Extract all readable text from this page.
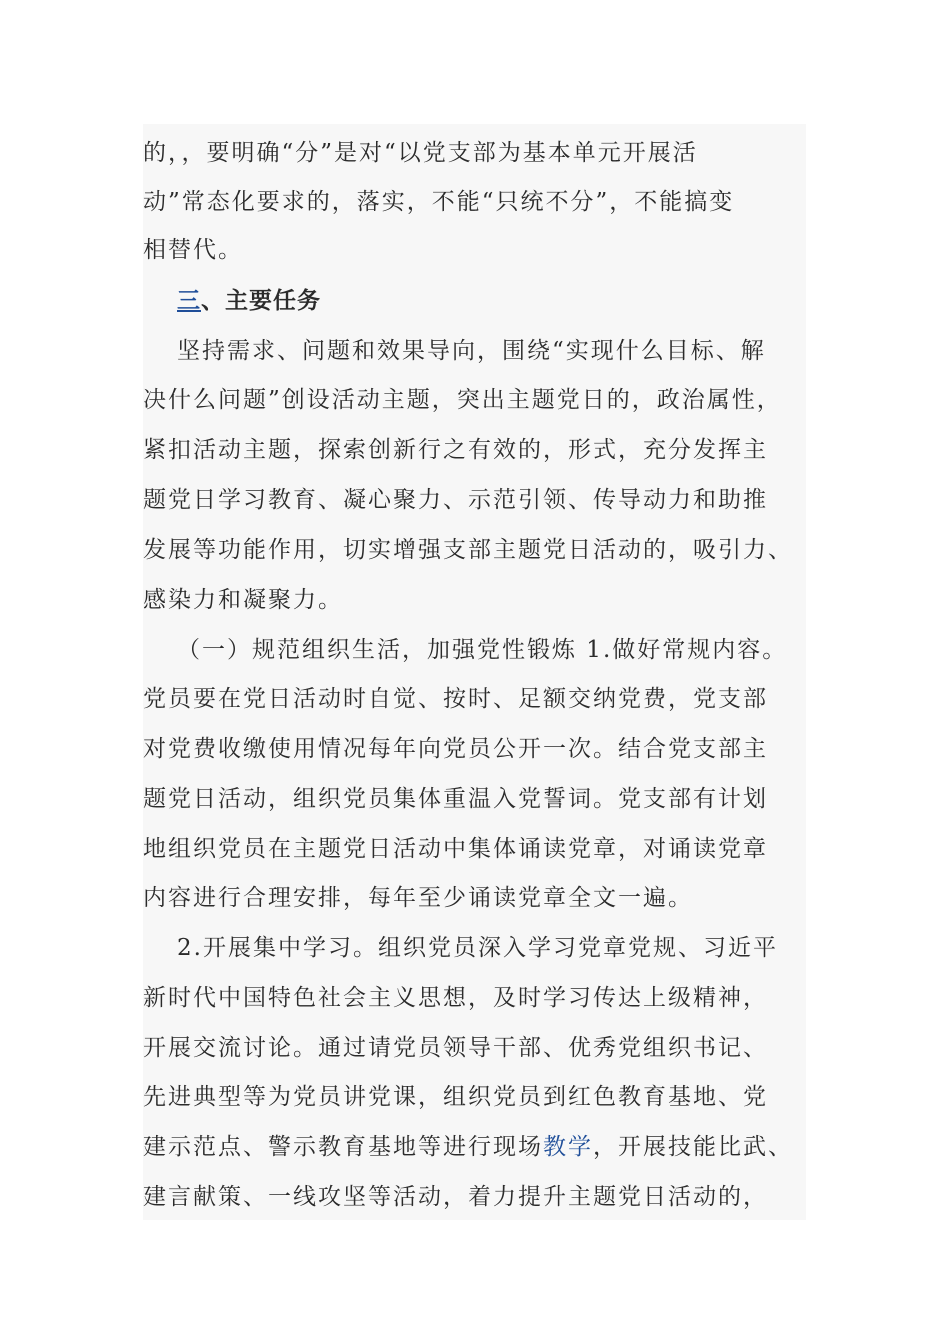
的，，要明确“分”是对“以党支部为基本单元开展活
动”常态化要求的，落实，不能“只统不分”，不能搞变
相替代。
三、主要任务
坚持需求、问题和效果导向，围绕“实现什么目标、解
决什么问题”创设活动主题，突出主题党日的，政治属性，
紧扣活动主题，探索创新行之有效的，形式，充分发挥主
题党日学习教育、凝心聚力、示范引领、传导动力和助推
发展等功能作用，切实增强支部主题党日活动的，吸引力、
感染力和凝聚力。
（一）规范组织生活，加强党性锻炼 1.做好常规内容。
党员要在党日活动时自觉、按时、足额交纳党费，党支部
对党费收缴使用情况每年向党员公开一次。结合党支部主
题党日活动，组织党员集体重温入党誓词。党支部有计划
地组织党员在主题党日活动中集体诵读党章，对诵读党章
内容进行合理安排，每年至少诵读党章全文一遍。
2.开展集中学习。组织党员深入学习党章党规、习近平
新时代中国特色社会主义思想，及时学习传达上级精神，
开展交流讨论。通过请党员领导干部、优秀党组织书记、
先进典型等为党员讲党课，组织党员到红色教育基地、党
建示范点、警示教育基地等进行现场教学，开展技能比武、
建言献策、一线攻坚等活动，着力提升主题党日活动的，
